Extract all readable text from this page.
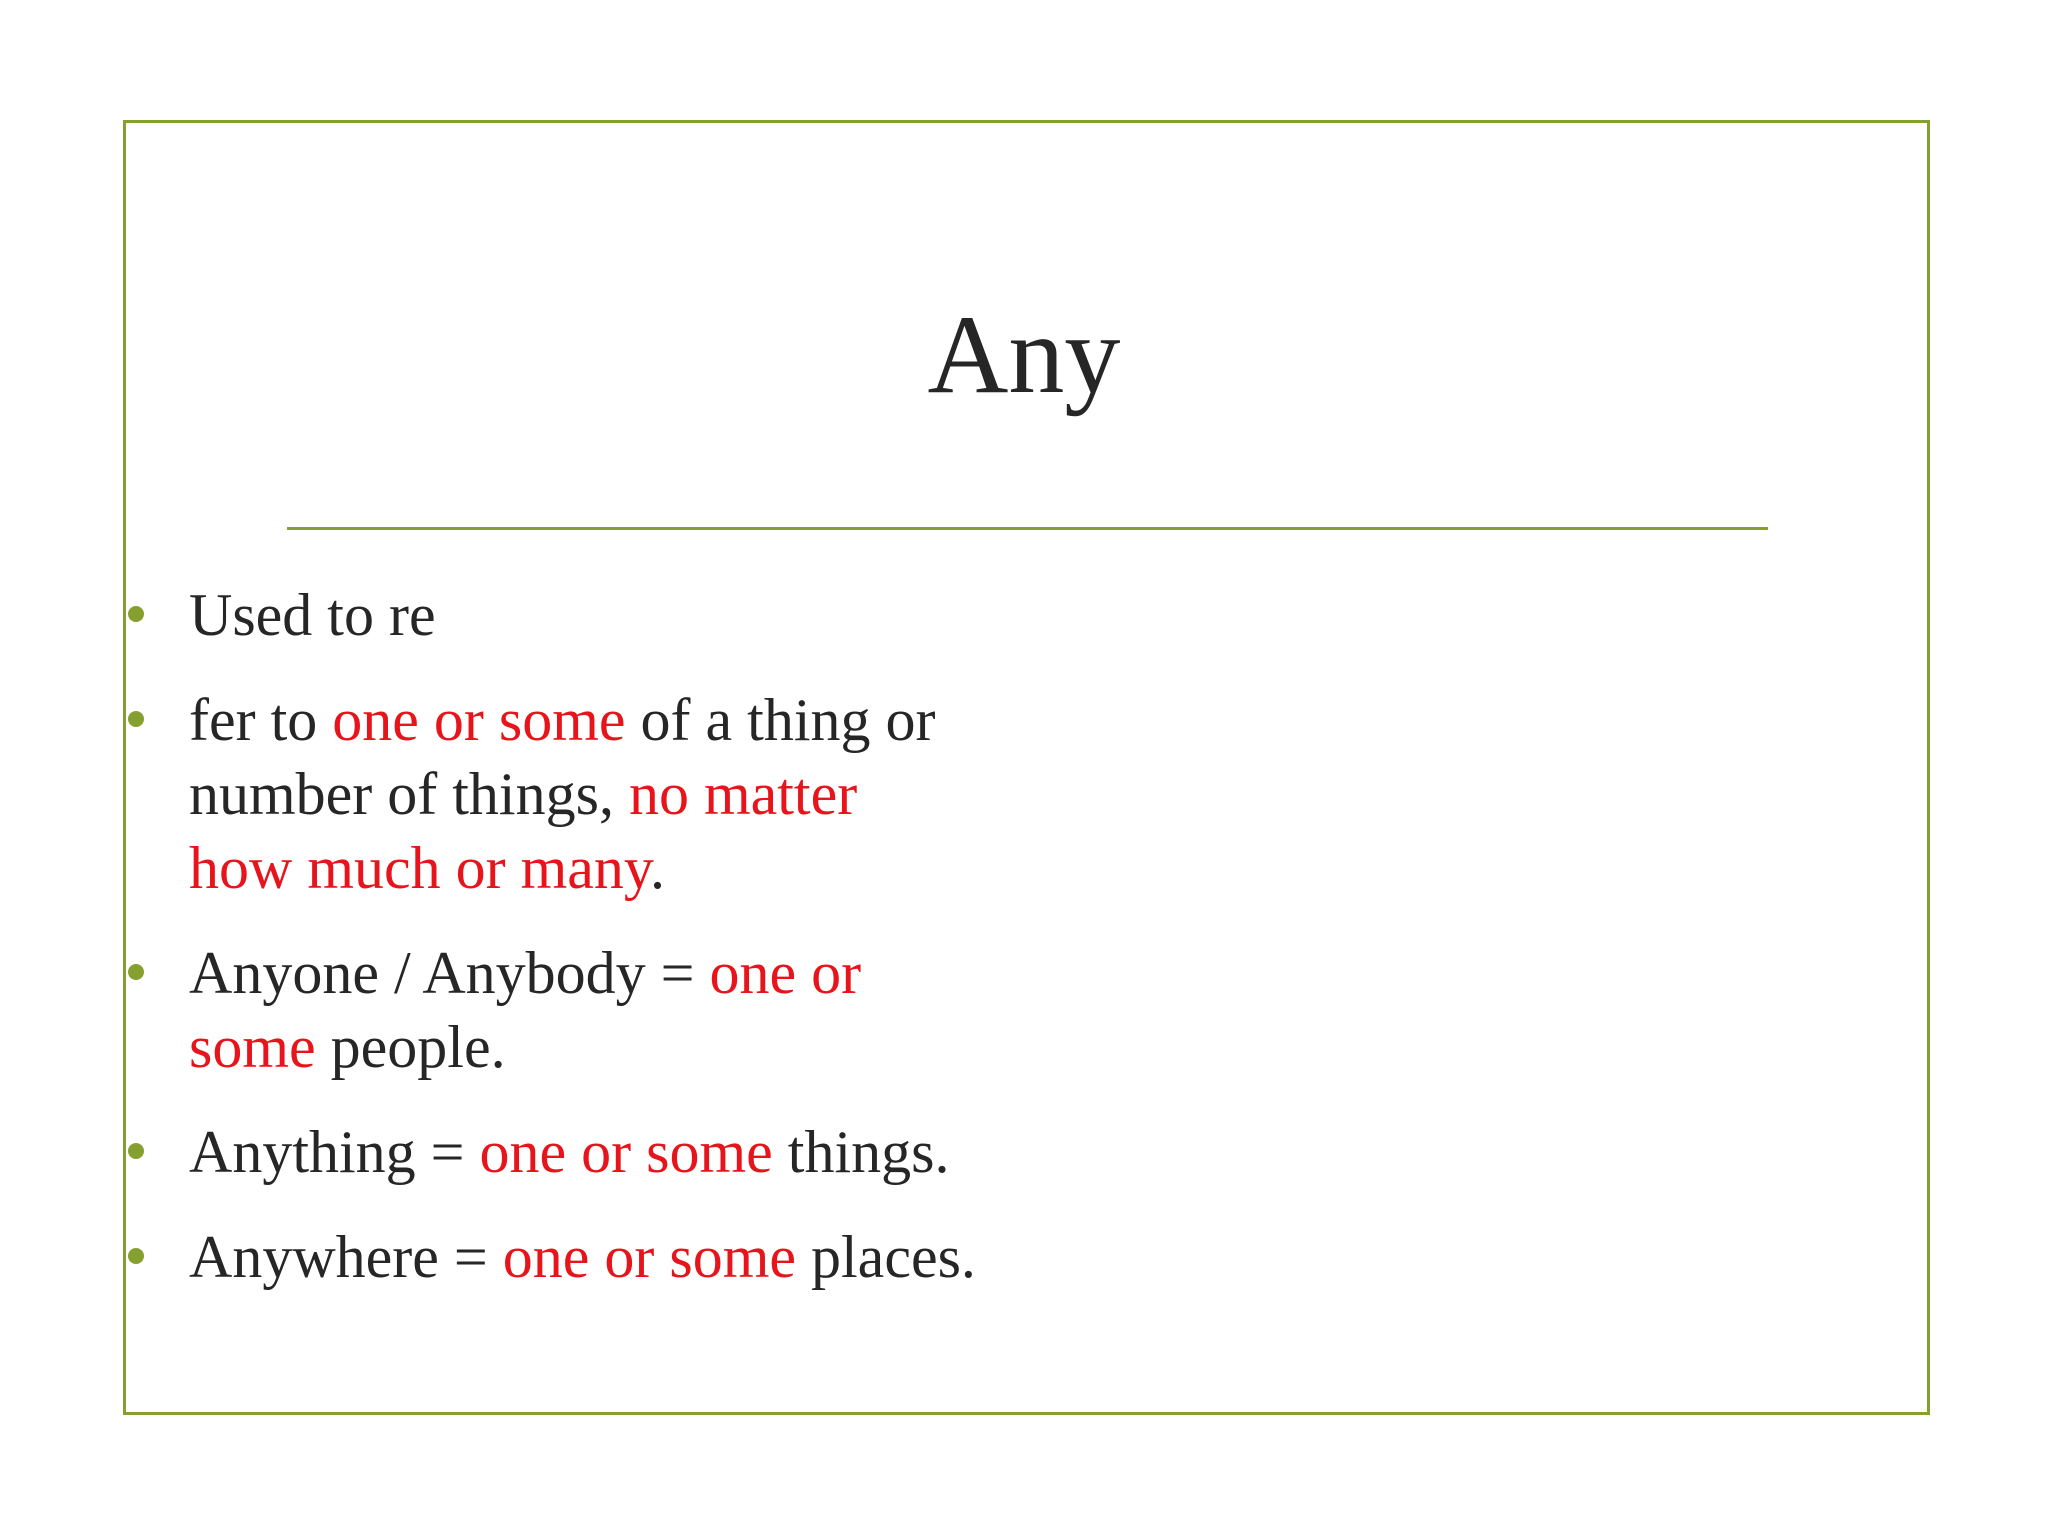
Any
Used to re
fer to one or some of a thing or number of things, no matter how much or many.
Anyone / Anybody = one or some people.
Anything = one or some things.
Anywhere = one or some places.
